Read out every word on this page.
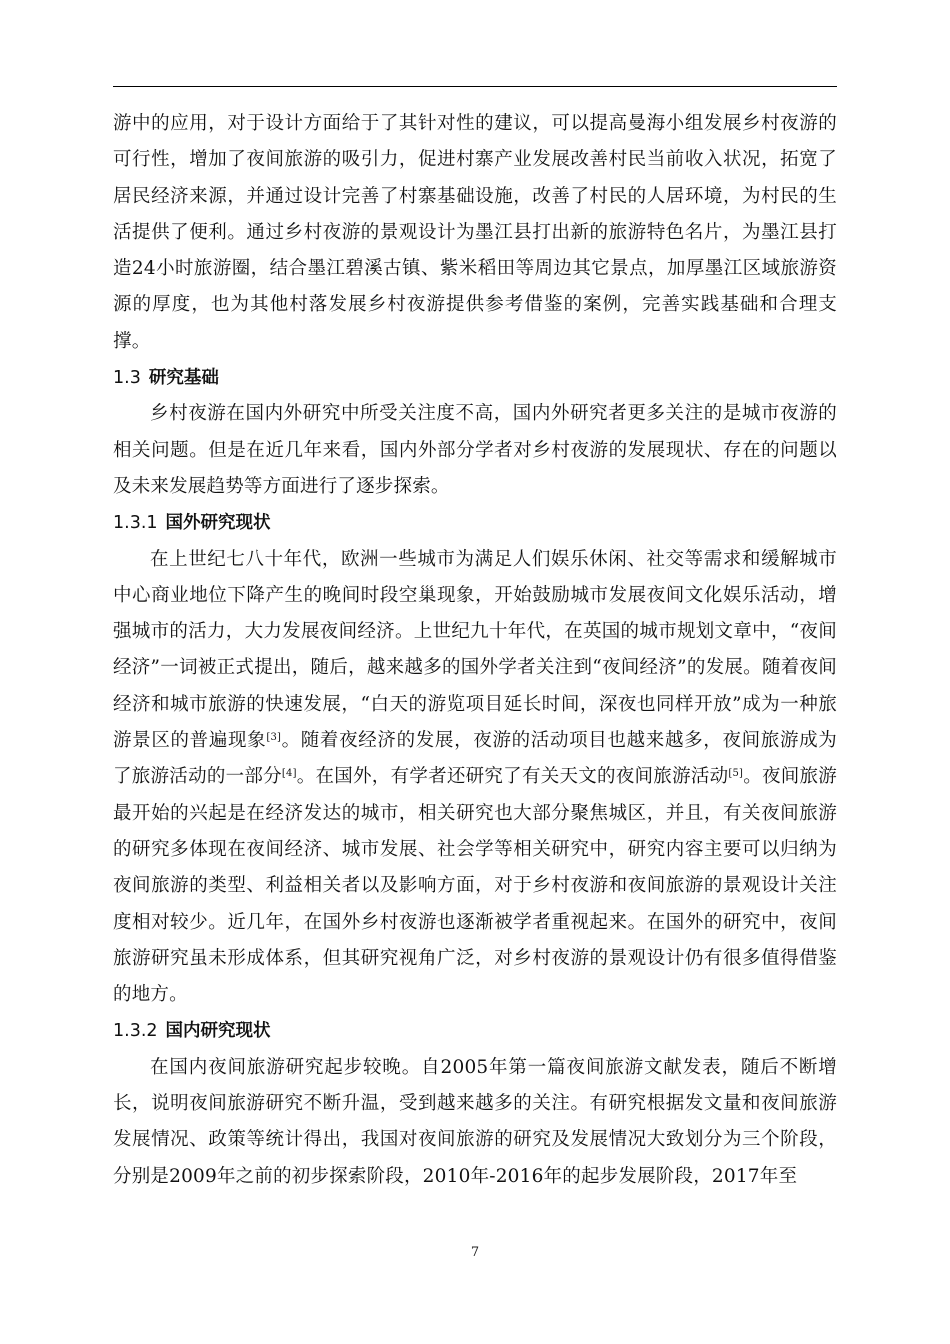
游中的应用，对于设计方面给于了其针对性的建议，可以提高曼海小组发展乡村夜游的可行性，增加了夜间旅游的吸引力，促进村寨产业发展改善村民当前收入状况，拓宽了居民经济来源，并通过设计完善了村寨基础设施，改善了村民的人居环境，为村民的生活提供了便利。通过乡村夜游的景观设计为墨江县打出新的旅游特色名片，为墨江县打造24小时旅游圈，结合墨江碧溪古镇、紫米稻田等周边其它景点，加厚墨江区域旅游资源的厚度，也为其他村落发展乡村夜游提供参考借鉴的案例，完善实践基础和合理支撑。

1.3 研究基础

乡村夜游在国内外研究中所受关注度不高，国内外研究者更多关注的是城市夜游的相关问题。但是在近几年来看，国内外部分学者对乡村夜游的发展现状、存在的问题以及未来发展趋势等方面进行了逐步探索。

1.3.1 国外研究现状

在上世纪七八十年代，欧洲一些城市为满足人们娱乐休闲、社交等需求和缓解城市中心商业地位下降产生的晚间时段空巢现象，开始鼓励城市发展夜间文化娱乐活动，增强城市的活力，大力发展夜间经济。上世纪九十年代，在英国的城市规划文章中，“夜间经济”一词被正式提出，随后，越来越多的国外学者关注到“夜间经济”的发展。随着夜间经济和城市旅游的快速发展，“白天的游览项目延长时间，深夜也同样开放”成为一种旅游景区的普遍现象[3]。随着夜经济的发展，夜游的活动项目也越来越多，夜间旅游成为了旅游活动的一部分[4]。在国外，有学者还研究了有关天文的夜间旅游活动[5]。夜间旅游最开始的兴起是在经济发达的城市，相关研究也大部分聚焦城区，并且，有关夜间旅游的研究多体现在夜间经济、城市发展、社会学等相关研究中，研究内容主要可以归纳为夜间旅游的类型、利益相关者以及影响方面，对于乡村夜游和夜间旅游的景观设计关注度相对较少。近几年，在国外乡村夜游也逐渐被学者重视起来。在国外的研究中，夜间旅游研究虽未形成体系，但其研究视角广泛，对乡村夜游的景观设计仍有很多值得借鉴的地方。

1.3.2 国内研究现状

在国内夜间旅游研究起步较晚。自2005年第一篇夜间旅游文献发表，随后不断增长，说明夜间旅游研究不断升温，受到越来越多的关注。有研究根据发文量和夜间旅游发展情况、政策等统计得出，我国对夜间旅游的研究及发展情况大致划分为三个阶段，分别是2009年之前的初步探索阶段，2010年-2016年的起步发展阶段，2017年至

7
